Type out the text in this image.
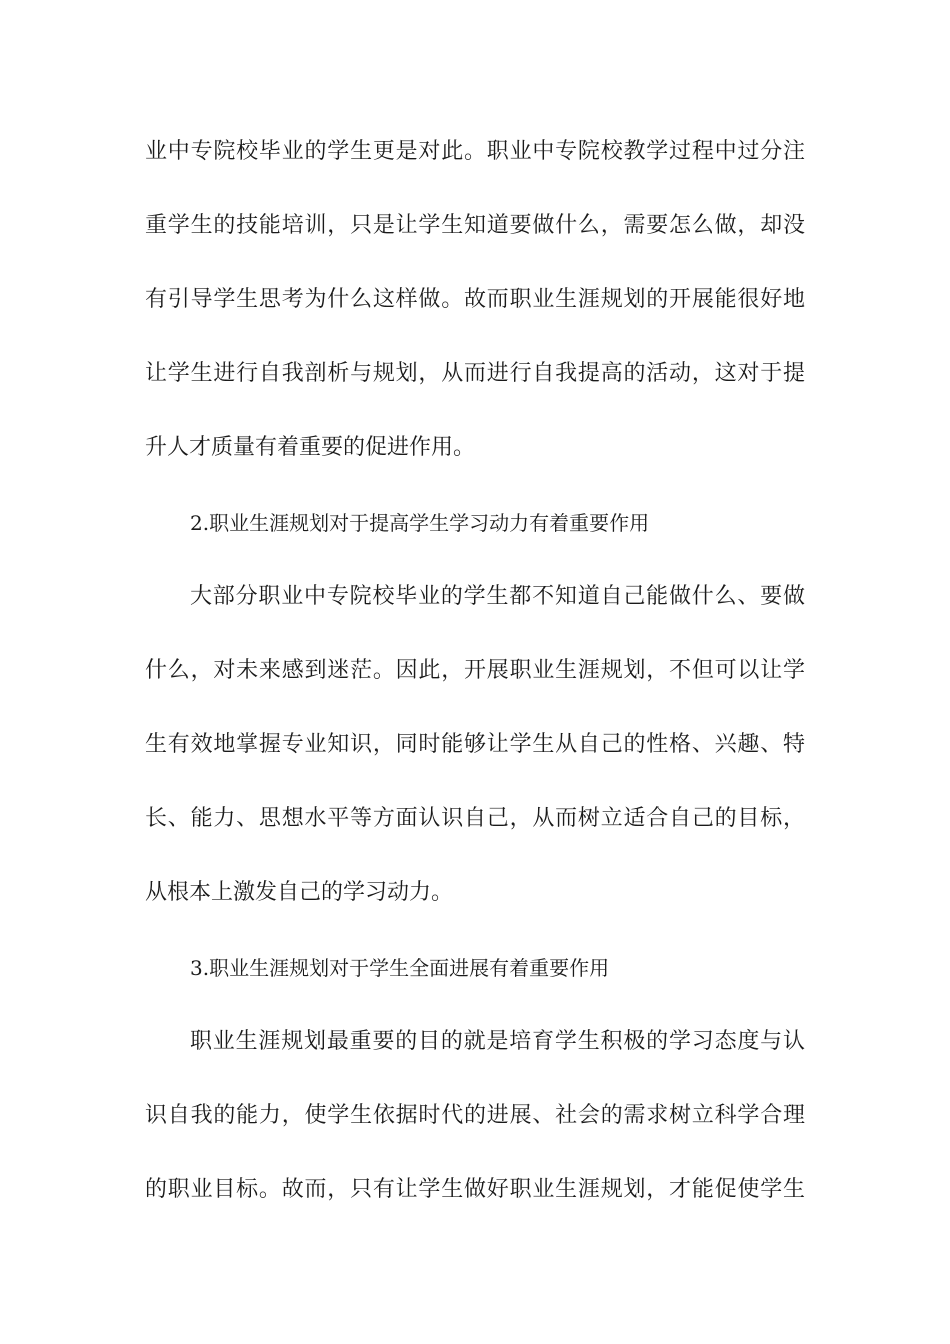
业中专院校毕业的学生更是对此。职业中专院校教学过程中过分注
重学生的技能培训，只是让学生知道要做什么，需要怎么做，却没
有引导学生思考为什么这样做。故而职业生涯规划的开展能很好地
让学生进行自我剖析与规划，从而进行自我提高的活动，这对于提
升人才质量有着重要的促进作用。
2.职业生涯规划对于提高学生学习动力有着重要作用
大部分职业中专院校毕业的学生都不知道自己能做什么、要做
什么，对未来感到迷茫。因此，开展职业生涯规划，不但可以让学
生有效地掌握专业知识，同时能够让学生从自己的性格、兴趣、特
长、能力、思想水平等方面认识自己，从而树立适合自己的目标，
从根本上激发自己的学习动力。
3.职业生涯规划对于学生全面进展有着重要作用
职业生涯规划最重要的目的就是培育学生积极的学习态度与认
识自我的能力，使学生依据时代的进展、社会的需求树立科学合理
的职业目标。故而，只有让学生做好职业生涯规划，才能促使学生
